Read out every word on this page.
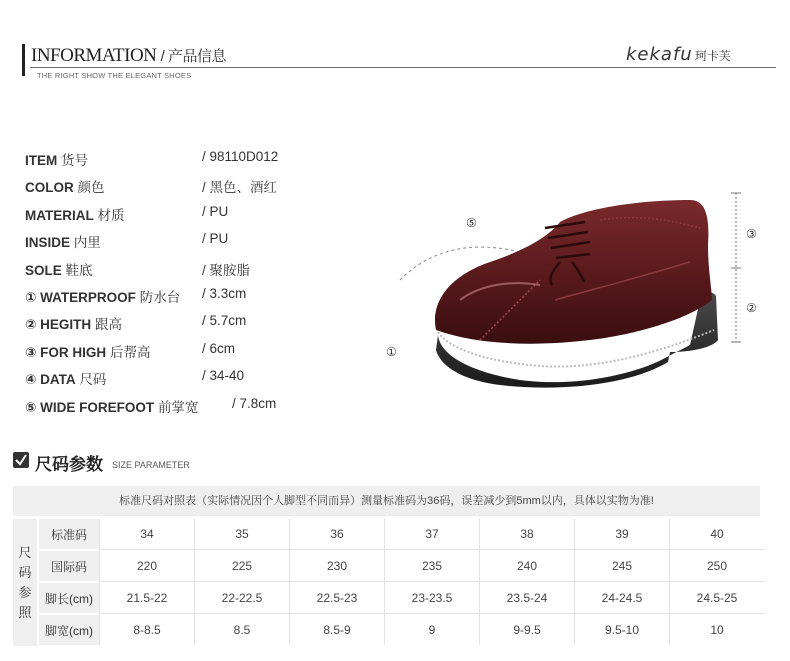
INFORMATION / 产品信息
THE RIGHT SHOW THE ELEGANT SHOES
kekafu 珂卡芙
ITEM 货号	/ 98110D012
COLOR 颜色	/ 黑色、酒红
MATERIAL 材质	/ PU
INSIDE 内里	/ PU
SOLE 鞋底	/ 聚胺脂
① WATERPROOF 防水台 / 3.3cm
② HEGITH 跟高	/ 5.7cm
③ FOR HIGH 后帮高	/ 6cm
④ DATA 尺码	/ 34-40
⑤ WIDE FOREFOOT 前掌宽 / 7.8cm
①
②
③
⑤
尺码参数 SIZE PARAMETER
标准尺码对照表（实际情况因个人脚型不同而异）测量标准码为36码，误差减少到5mm以内，具体以实物为准!
尺
码
参
照
标准码	34	35	36	37	38	39	40
国际码	220	225	230	235	240	245	250
脚长(cm)	21.5-22	22-22.5	22.5-23	23-23.5	23.5-24	24-24.5	24.5-25
脚宽(cm)	8-8.5	8.5	8.5-9	9	9-9.5	9.5-10	10
